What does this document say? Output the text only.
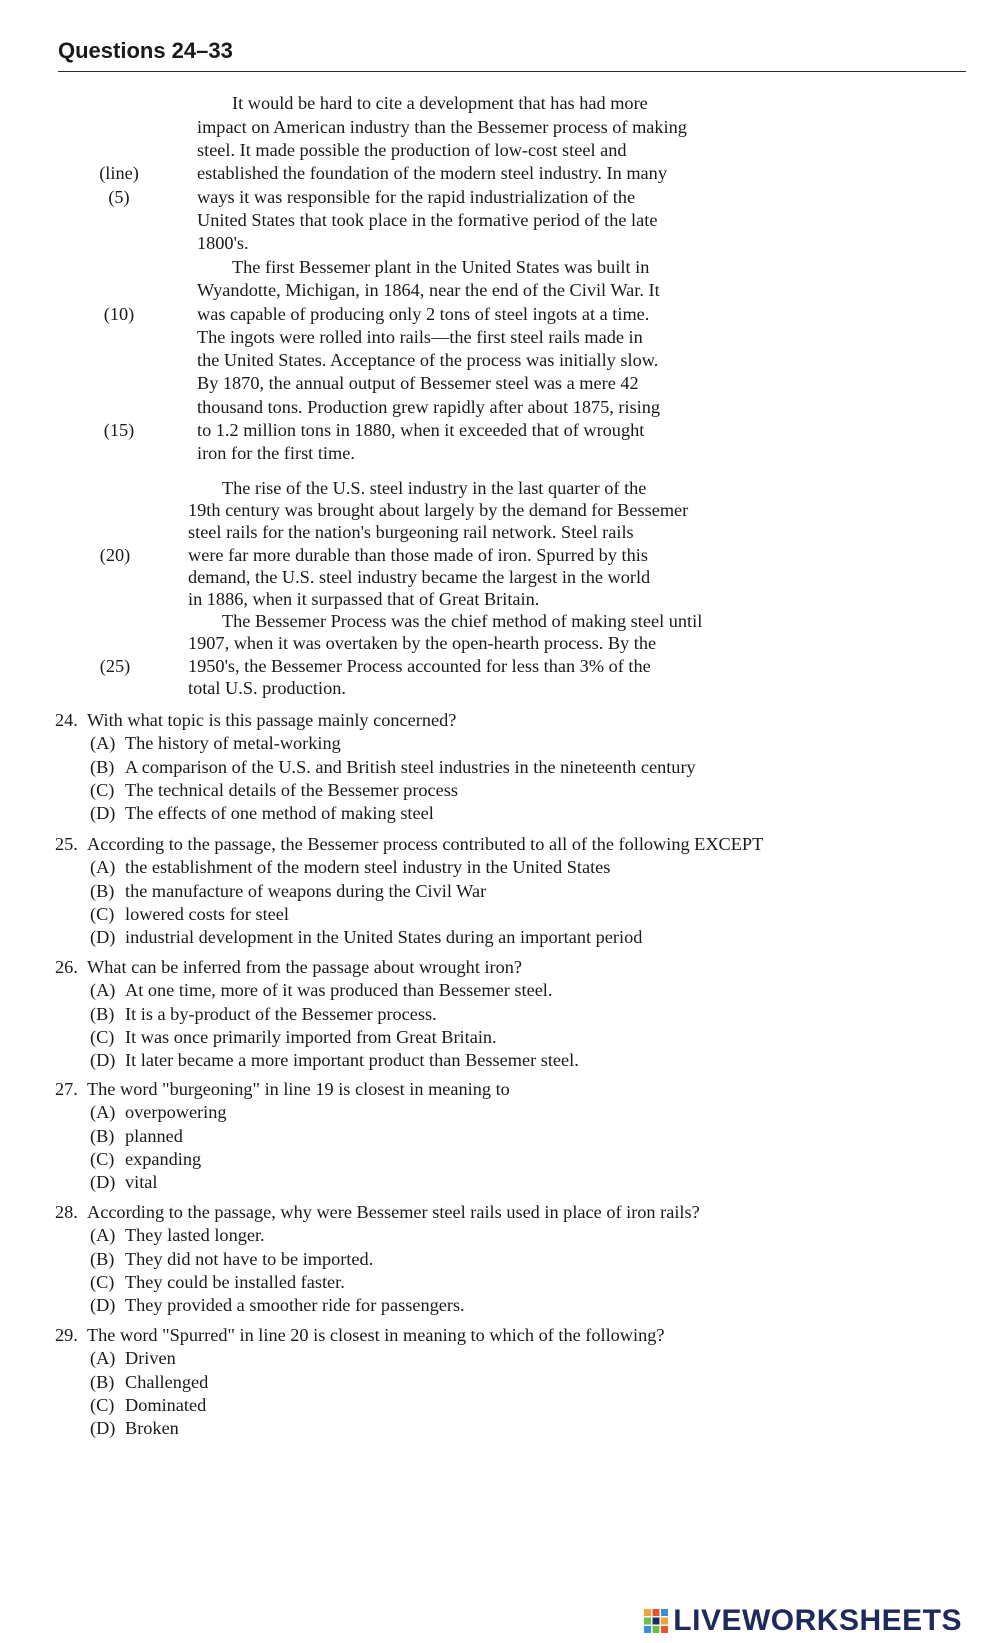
Questions 24–33
(line)
(5)
(10)
(15)
(20)
(25)
It would be hard to cite a development that has had more
impact on American industry than the Bessemer process of making
steel. It made possible the production of low-cost steel and
established the foundation of the modern steel industry. In many
ways it was responsible for the rapid industrialization of the
United States that took place in the formative period of the late
1800's.
The first Bessemer plant in the United States was built in
Wyandotte, Michigan, in 1864, near the end of the Civil War. It
was capable of producing only 2 tons of steel ingots at a time.
The ingots were rolled into rails—the first steel rails made in
the United States. Acceptance of the process was initially slow.
By 1870, the annual output of Bessemer steel was a mere 42
thousand tons. Production grew rapidly after about 1875, rising
to 1.2 million tons in 1880, when it exceeded that of wrought
iron for the first time.
The rise of the U.S. steel industry in the last quarter of the
19th century was brought about largely by the demand for Bessemer
steel rails for the nation's burgeoning rail network. Steel rails
were far more durable than those made of iron. Spurred by this
demand, the U.S. steel industry became the largest in the world
in 1886, when it surpassed that of Great Britain.
The Bessemer Process was the chief method of making steel until
1907, when it was overtaken by the open-hearth process. By the
1950's, the Bessemer Process accounted for less than 3% of the
total U.S. production.
24. With what topic is this passage mainly concerned?
(A) The history of metal-working
(B) A comparison of the U.S. and British steel industries in the nineteenth century
(C) The technical details of the Bessemer process
(D) The effects of one method of making steel
25. According to the passage, the Bessemer process contributed to all of the following EXCEPT
(A) the establishment of the modern steel industry in the United States
(B) the manufacture of weapons during the Civil War
(C) lowered costs for steel
(D) industrial development in the United States during an important period
26. What can be inferred from the passage about wrought iron?
(A) At one time, more of it was produced than Bessemer steel.
(B) It is a by-product of the Bessemer process.
(C) It was once primarily imported from Great Britain.
(D) It later became a more important product than Bessemer steel.
27. The word "burgeoning" in line 19 is closest in meaning to
(A) overpowering
(B) planned
(C) expanding
(D) vital
28. According to the passage, why were Bessemer steel rails used in place of iron rails?
(A) They lasted longer.
(B) They did not have to be imported.
(C) They could be installed faster.
(D) They provided a smoother ride for passengers.
29. The word "Spurred" in line 20 is closest in meaning to which of the following?
(A) Driven
(B) Challenged
(C) Dominated
(D) Broken
LIVEWORKSHEETS
